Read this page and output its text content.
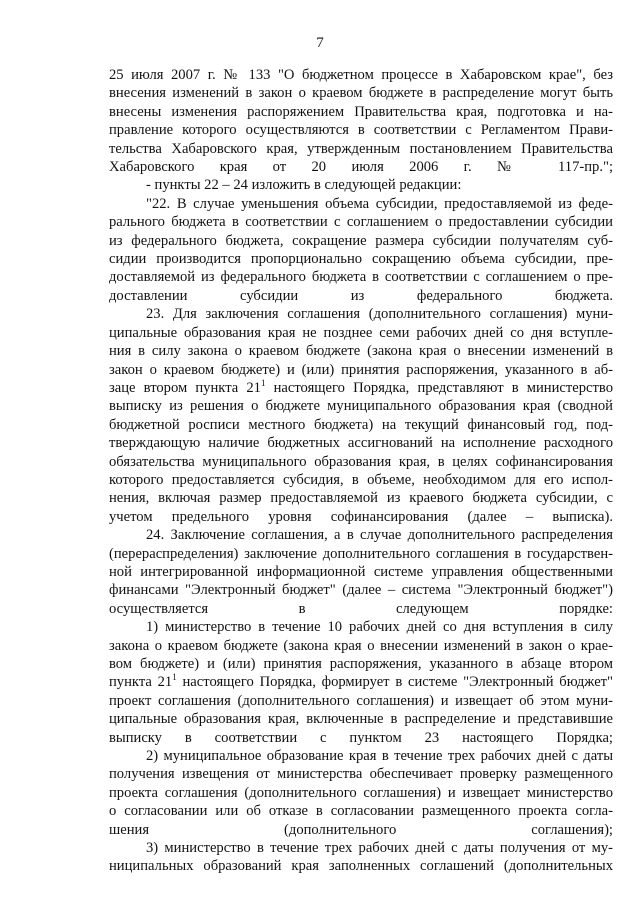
7

25 июля 2007 г. № 133 "О бюджетном процессе в Хабаровском крае", без
внесения изменений в закон о краевом бюджете в распределение могут быть
внесены изменения распоряжением Правительства края, подготовка и на-
правление которого осуществляются в соответствии с Регламентом Прави-
тельства Хабаровского края, утвержденным постановлением Правительства
Хабаровского края от 20 июля 2006 г. № 117-пр.";

- пункты 22 – 24 изложить в следующей редакции:

"22. В случае уменьшения объема субсидии, предоставляемой из феде-
рального бюджета в соответствии с соглашением о предоставлении субсидии
из федерального бюджета, сокращение размера субсидии получателям суб-
сидии производится пропорционально сокращению объема субсидии, пре-
доставляемой из федерального бюджета в соответствии с соглашением о пре-
доставлении субсидии из федерального бюджета.

23. Для заключения соглашения (дополнительного соглашения) муни-
ципальные образования края не позднее семи рабочих дней со дня вступле-
ния в силу закона о краевом бюджете (закона края о внесении изменений в
закон о краевом бюджете) и (или) принятия распоряжения, указанного в аб-
заце втором пункта $21^1$ настоящего Порядка, представляют в министерство
выписку из решения о бюджете муниципального образования края (сводной
бюджетной росписи местного бюджета) на текущий финансовый год, под-
тверждающую наличие бюджетных ассигнований на исполнение расходного
обязательства муниципального образования края, в целях софинансирования
которого предоставляется субсидия, в объеме, необходимом для его испол-
нения, включая размер предоставляемой из краевого бюджета субсидии, с
учетом предельного уровня софинансирования (далее – выписка).

24. Заключение соглашения, а в случае дополнительного распределения
(перераспределения) заключение дополнительного соглашения в государствен-
ной интегрированной информационной системе управления общественными
финансами "Электронный бюджет" (далее – система "Электронный бюджет")
осуществляется в следующем порядке:

1) министерство в течение 10 рабочих дней со дня вступления в силу
закона о краевом бюджете (закона края о внесении изменений в закон о крае-
вом бюджете) и (или) принятия распоряжения, указанного в абзаце втором
пункта $21^1$ настоящего Порядка, формирует в системе "Электронный бюджет"
проект соглашения (дополнительного соглашения) и извещает об этом муни-
ципальные образования края, включенные в распределение и представившие
выписку в соответствии с пунктом 23 настоящего Порядка;

2) муниципальное образование края в течение трех рабочих дней с даты
получения извещения от министерства обеспечивает проверку размещенного
проекта соглашения (дополнительного соглашения) и извещает министерство
о согласовании или об отказе в согласовании размещенного проекта согла-
шения (дополнительного соглашения);

3) министерство в течение трех рабочих дней с даты получения от му-
ниципальных образований края заполненных соглашений (дополнительных
